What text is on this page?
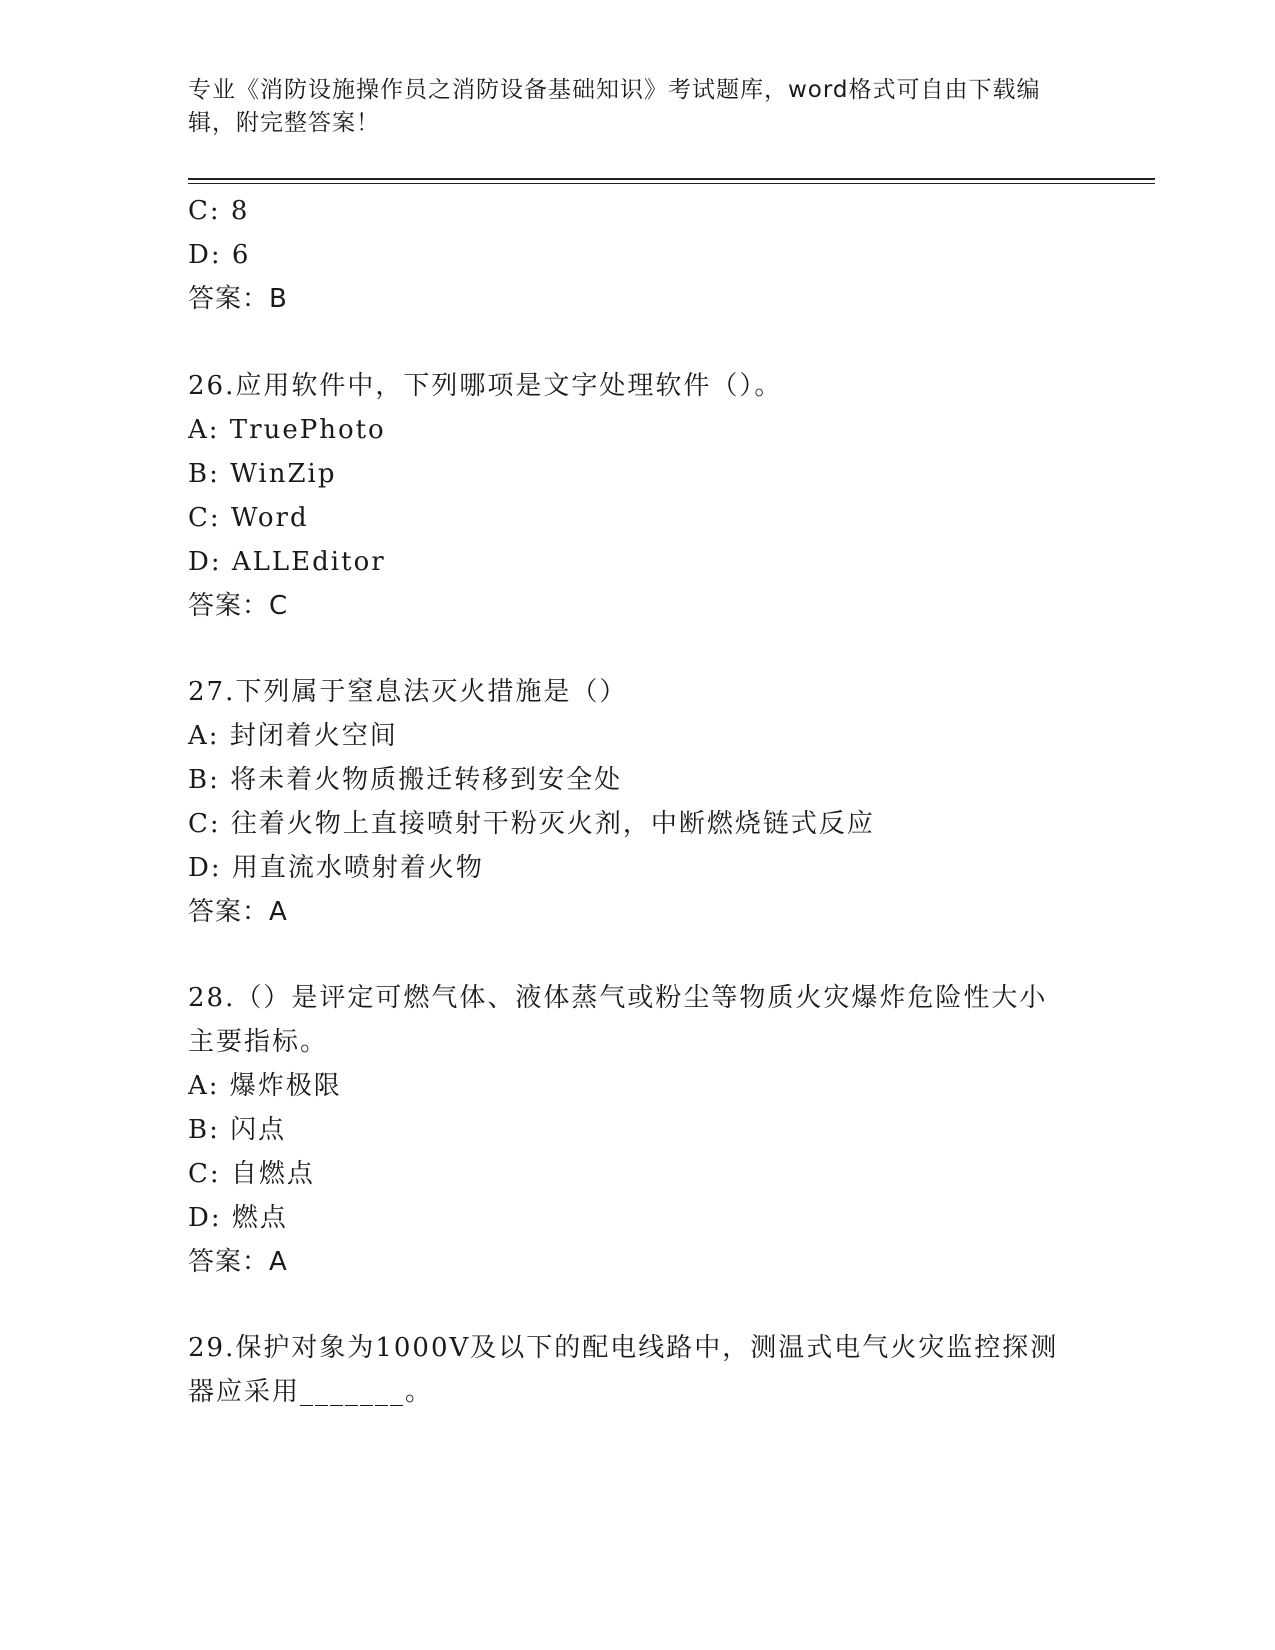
专业《消防设施操作员之消防设备基础知识》考试题库，word格式可自由下载编
辑，附完整答案！
C: 8
D: 6
答案：B
26.应用软件中，下列哪项是文字处理软件（）。
A: TruePhoto
B: WinZip
C: Word
D: ALLEditor
答案：C
27.下列属于窒息法灭火措施是（）
A: 封闭着火空间
B: 将未着火物质搬迁转移到安全处
C: 往着火物上直接喷射干粉灭火剂，中断燃烧链式反应
D: 用直流水喷射着火物
答案：A
28.（）是评定可燃气体、液体蒸气或粉尘等物质火灾爆炸危险性大小
主要指标。
A: 爆炸极限
B: 闪点
C: 自燃点
D: 燃点
答案：A
29.保护对象为1000V及以下的配电线路中，测温式电气火灾监控探测
器应采用_______。
